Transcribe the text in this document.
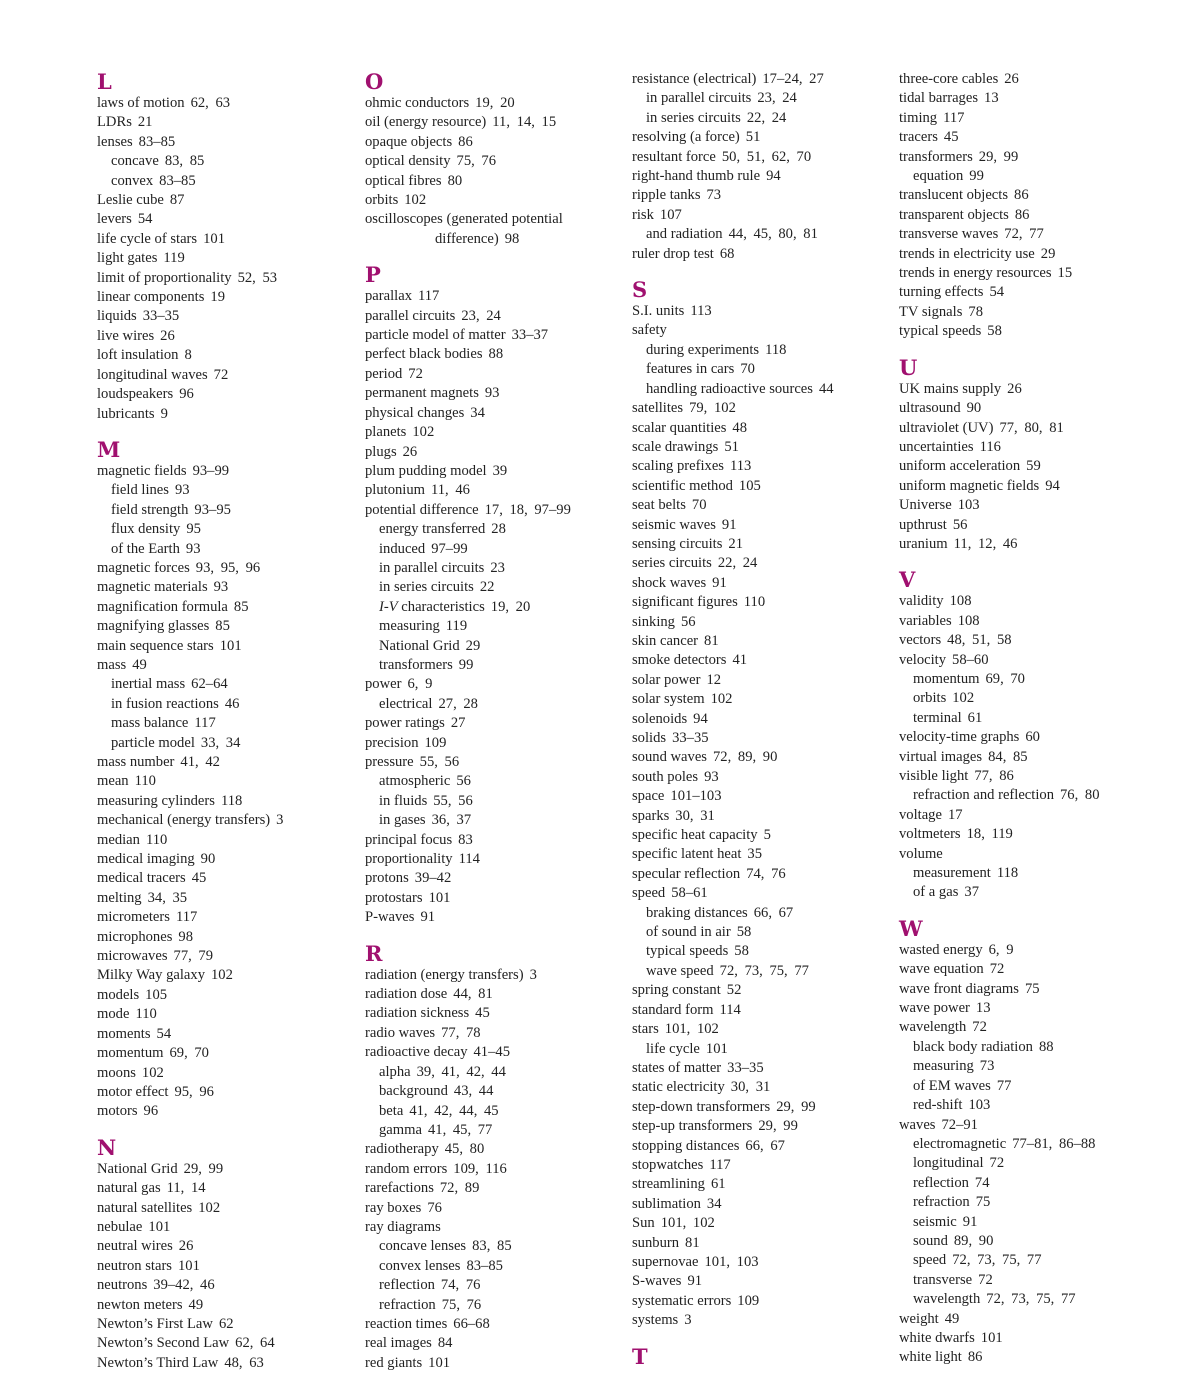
L
laws of motion 62, 63
LDRs 21
lenses 83–85
concave 83, 85
convex 83–85
Leslie cube 87
levers 54
life cycle of stars 101
light gates 119
limit of proportionality 52, 53
linear components 19
liquids 33–35
live wires 26
loft insulation 8
longitudinal waves 72
loudspeakers 96
lubricants 9
M
magnetic fields 93–99
field lines 93
field strength 93–95
flux density 95
of the Earth 93
magnetic forces 93, 95, 96
magnetic materials 93
magnification formula 85
magnifying glasses 85
main sequence stars 101
mass 49
inertial mass 62–64
in fusion reactions 46
mass balance 117
particle model 33, 34
mass number 41, 42
mean 110
measuring cylinders 118
mechanical (energy transfers) 3
median 110
medical imaging 90
medical tracers 45
melting 34, 35
micrometers 117
microphones 98
microwaves 77, 79
Milky Way galaxy 102
models 105
mode 110
moments 54
momentum 69, 70
moons 102
motor effect 95, 96
motors 96
N
National Grid 29, 99
natural gas 11, 14
natural satellites 102
nebulae 101
neutral wires 26
neutron stars 101
neutrons 39–42, 46
newton meters 49
Newton’s First Law 62
Newton’s Second Law 62, 64
Newton’s Third Law 48, 63
O
ohmic conductors 19, 20
oil (energy resource) 11, 14, 15
opaque objects 86
optical density 75, 76
optical fibres 80
orbits 102
oscilloscopes (generated potential
difference) 98
P
parallax 117
parallel circuits 23, 24
particle model of matter 33–37
perfect black bodies 88
period 72
permanent magnets 93
physical changes 34
planets 102
plugs 26
plum pudding model 39
plutonium 11, 46
potential difference 17, 18, 97–99
energy transferred 28
induced 97–99
in parallel circuits 23
in series circuits 22
I-V characteristics 19, 20
measuring 119
National Grid 29
transformers 99
power 6, 9
electrical 27, 28
power ratings 27
precision 109
pressure 55, 56
atmospheric 56
in fluids 55, 56
in gases 36, 37
principal focus 83
proportionality 114
protons 39–42
protostars 101
P-waves 91
R
radiation (energy transfers) 3
radiation dose 44, 81
radiation sickness 45
radio waves 77, 78
radioactive decay 41–45
alpha 39, 41, 42, 44
background 43, 44
beta 41, 42, 44, 45
gamma 41, 45, 77
radiotherapy 45, 80
random errors 109, 116
rarefactions 72, 89
ray boxes 76
ray diagrams
concave lenses 83, 85
convex lenses 83–85
reflection 74, 76
refraction 75, 76
reaction times 66–68
real images 84
red giants 101
resistance (electrical) 17–24, 27
in parallel circuits 23, 24
in series circuits 22, 24
resolving (a force) 51
resultant force 50, 51, 62, 70
right-hand thumb rule 94
ripple tanks 73
risk 107
and radiation 44, 45, 80, 81
ruler drop test 68
S
S.I. units 113
safety
during experiments 118
features in cars 70
handling radioactive sources 44
satellites 79, 102
scalar quantities 48
scale drawings 51
scaling prefixes 113
scientific method 105
seat belts 70
seismic waves 91
sensing circuits 21
series circuits 22, 24
shock waves 91
significant figures 110
sinking 56
skin cancer 81
smoke detectors 41
solar power 12
solar system 102
solenoids 94
solids 33–35
sound waves 72, 89, 90
south poles 93
space 101–103
sparks 30, 31
specific heat capacity 5
specific latent heat 35
specular reflection 74, 76
speed 58–61
braking distances 66, 67
of sound in air 58
typical speeds 58
wave speed 72, 73, 75, 77
spring constant 52
standard form 114
stars 101, 102
life cycle 101
states of matter 33–35
static electricity 30, 31
step-down transformers 29, 99
step-up transformers 29, 99
stopping distances 66, 67
stopwatches 117
streamlining 61
sublimation 34
Sun 101, 102
sunburn 81
supernovae 101, 103
S-waves 91
systematic errors 109
systems 3
T
three-core cables 26
tidal barrages 13
timing 117
tracers 45
transformers 29, 99
equation 99
translucent objects 86
transparent objects 86
transverse waves 72, 77
trends in electricity use 29
trends in energy resources 15
turning effects 54
TV signals 78
typical speeds 58
U
UK mains supply 26
ultrasound 90
ultraviolet (UV) 77, 80, 81
uncertainties 116
uniform acceleration 59
uniform magnetic fields 94
Universe 103
upthrust 56
uranium 11, 12, 46
V
validity 108
variables 108
vectors 48, 51, 58
velocity 58–60
momentum 69, 70
orbits 102
terminal 61
velocity-time graphs 60
virtual images 84, 85
visible light 77, 86
refraction and reflection 76, 80
voltage 17
voltmeters 18, 119
volume
measurement 118
of a gas 37
W
wasted energy 6, 9
wave equation 72
wave front diagrams 75
wave power 13
wavelength 72
black body radiation 88
measuring 73
of EM waves 77
red-shift 103
waves 72–91
electromagnetic 77–81, 86–88
longitudinal 72
reflection 74
refraction 75
seismic 91
sound 89, 90
speed 72, 73, 75, 77
transverse 72
wavelength 72, 73, 75, 77
weight 49
white dwarfs 101
white light 86
